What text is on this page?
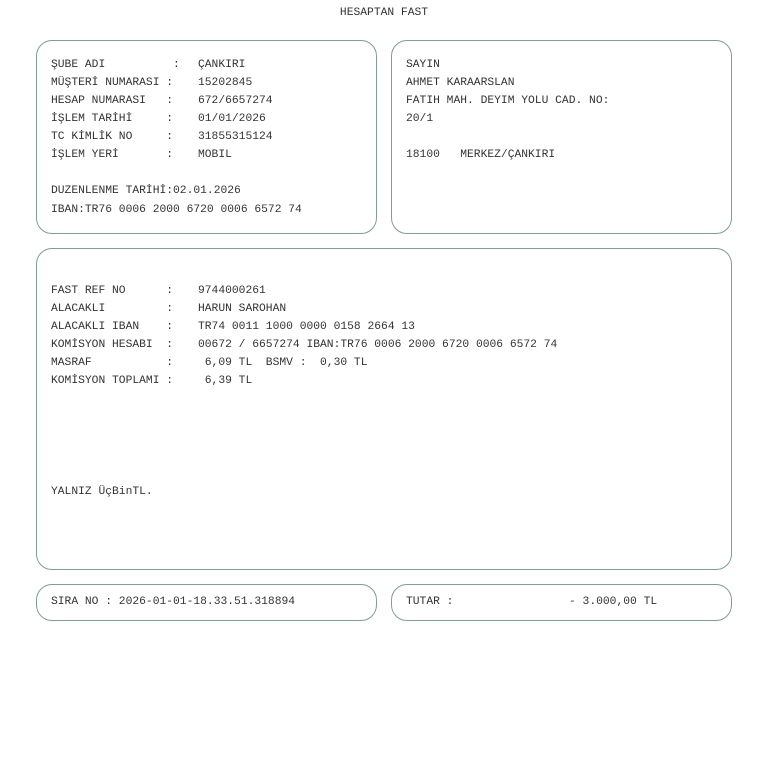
HESAPTAN FAST
ŞUBE ADI          : ÇANKIRI
MÜŞTERİ NUMARASI : 15202845
HESAP NUMARASI   : 672/6657274
İŞLEM TARİHİ     : 01/01/2026
TC KİMLİK NO     : 31855315124
İŞLEM YERİ       : MOBIL
DUZENLENME TARİHİ:02.01.2026
IBAN:TR76 0006 2000 6720 0006 6572 74
SAYIN
AHMET KARAARSLAN
FATIH MAH. DEYIM YOLU CAD. NO:
20/1
18100   MERKEZ/ÇANKIRI
FAST REF NO      : 9744000261
ALACAKLI         : HARUN SAROHAN
ALACAKLI IBAN    : TR74 0011 1000 0000 0158 2664 13
KOMİSYON HESABI  : 00672 / 6657274 IBAN:TR76 0006 2000 6720 0006 6572 74
MASRAF           : 6,09 TL  BSMV :  0,30 TL
KOMİSYON TOPLAMI : 6,39 TL
YALNIZ ÜçBinTL.
SIRA NO : 2026-01-01-18.33.51.318894	TUTAR :	- 3.000,00 TL
